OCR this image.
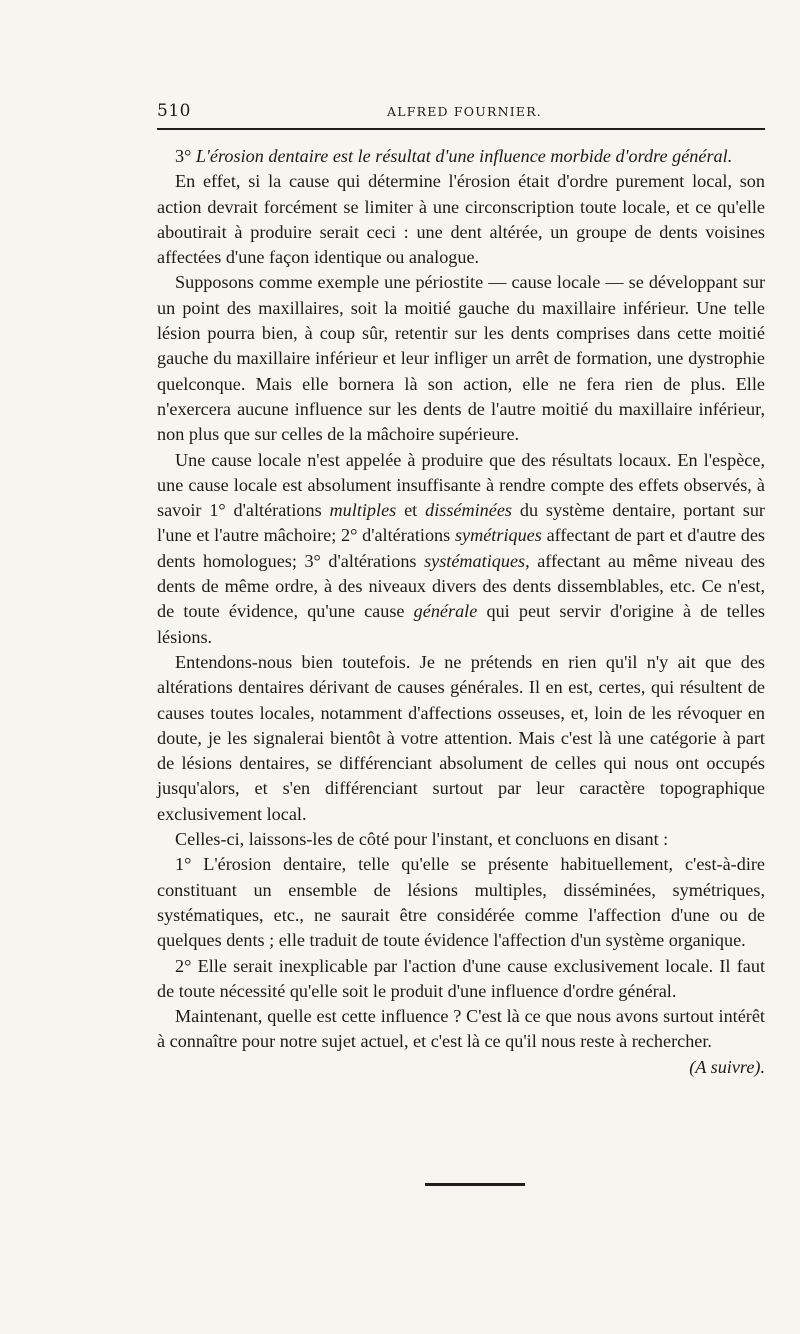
510	ALFRED FOURNIER.

3° L'érosion dentaire est le résultat d'une influence morbide d'ordre général.

En effet, si la cause qui détermine l'érosion était d'ordre purement local, son action devrait forcément se limiter à une circonscription toute locale, et ce qu'elle aboutirait à produire serait ceci : une dent altérée, un groupe de dents voisines affectées d'une façon identique ou analogue.

Supposons comme exemple une périostite — cause locale — se développant sur un point des maxillaires, soit la moitié gauche du maxillaire inférieur. Une telle lésion pourra bien, à coup sûr, retentir sur les dents comprises dans cette moitié gauche du maxillaire inférieur et leur infliger un arrêt de formation, une dystrophie quelconque. Mais elle bornera là son action, elle ne fera rien de plus. Elle n'exercera aucune influence sur les dents de l'autre moitié du maxillaire inférieur, non plus que sur celles de la mâchoire supérieure.

Une cause locale n'est appelée à produire que des résultats locaux. En l'espèce, une cause locale est absolument insuffisante à rendre compte des effets observés, à savoir 1° d'altérations multiples et disséminées du système dentaire, portant sur l'une et l'autre mâchoire; 2° d'altérations symétriques affectant de part et d'autre des dents homologues; 3° d'altérations systématiques, affectant au même niveau des dents de même ordre, à des niveaux divers des dents dissemblables, etc. Ce n'est, de toute évidence, qu'une cause générale qui peut servir d'origine à de telles lésions.

Entendons-nous bien toutefois. Je ne prétends en rien qu'il n'y ait que des altérations dentaires dérivant de causes générales. Il en est, certes, qui résultent de causes toutes locales, notamment d'affections osseuses, et, loin de les révoquer en doute, je les signalerai bientôt à votre attention. Mais c'est là une catégorie à part de lésions dentaires, se différenciant absolument de celles qui nous ont occupés jusqu'alors, et s'en différenciant surtout par leur caractère topographique exclusivement local.

Celles-ci, laissons-les de côté pour l'instant, et concluons en disant :

1° L'érosion dentaire, telle qu'elle se présente habituellement, c'est-à-dire constituant un ensemble de lésions multiples, disséminées, symétriques, systématiques, etc., ne saurait être considérée comme l'affection d'une ou de quelques dents ; elle traduit de toute évidence l'affection d'un système organique.

2° Elle serait inexplicable par l'action d'une cause exclusivement locale. Il faut de toute nécessité qu'elle soit le produit d'une influence d'ordre général.

Maintenant, quelle est cette influence ? C'est là ce que nous avons surtout intérêt à connaître pour notre sujet actuel, et c'est là ce qu'il nous reste à rechercher.
(A suivre).
